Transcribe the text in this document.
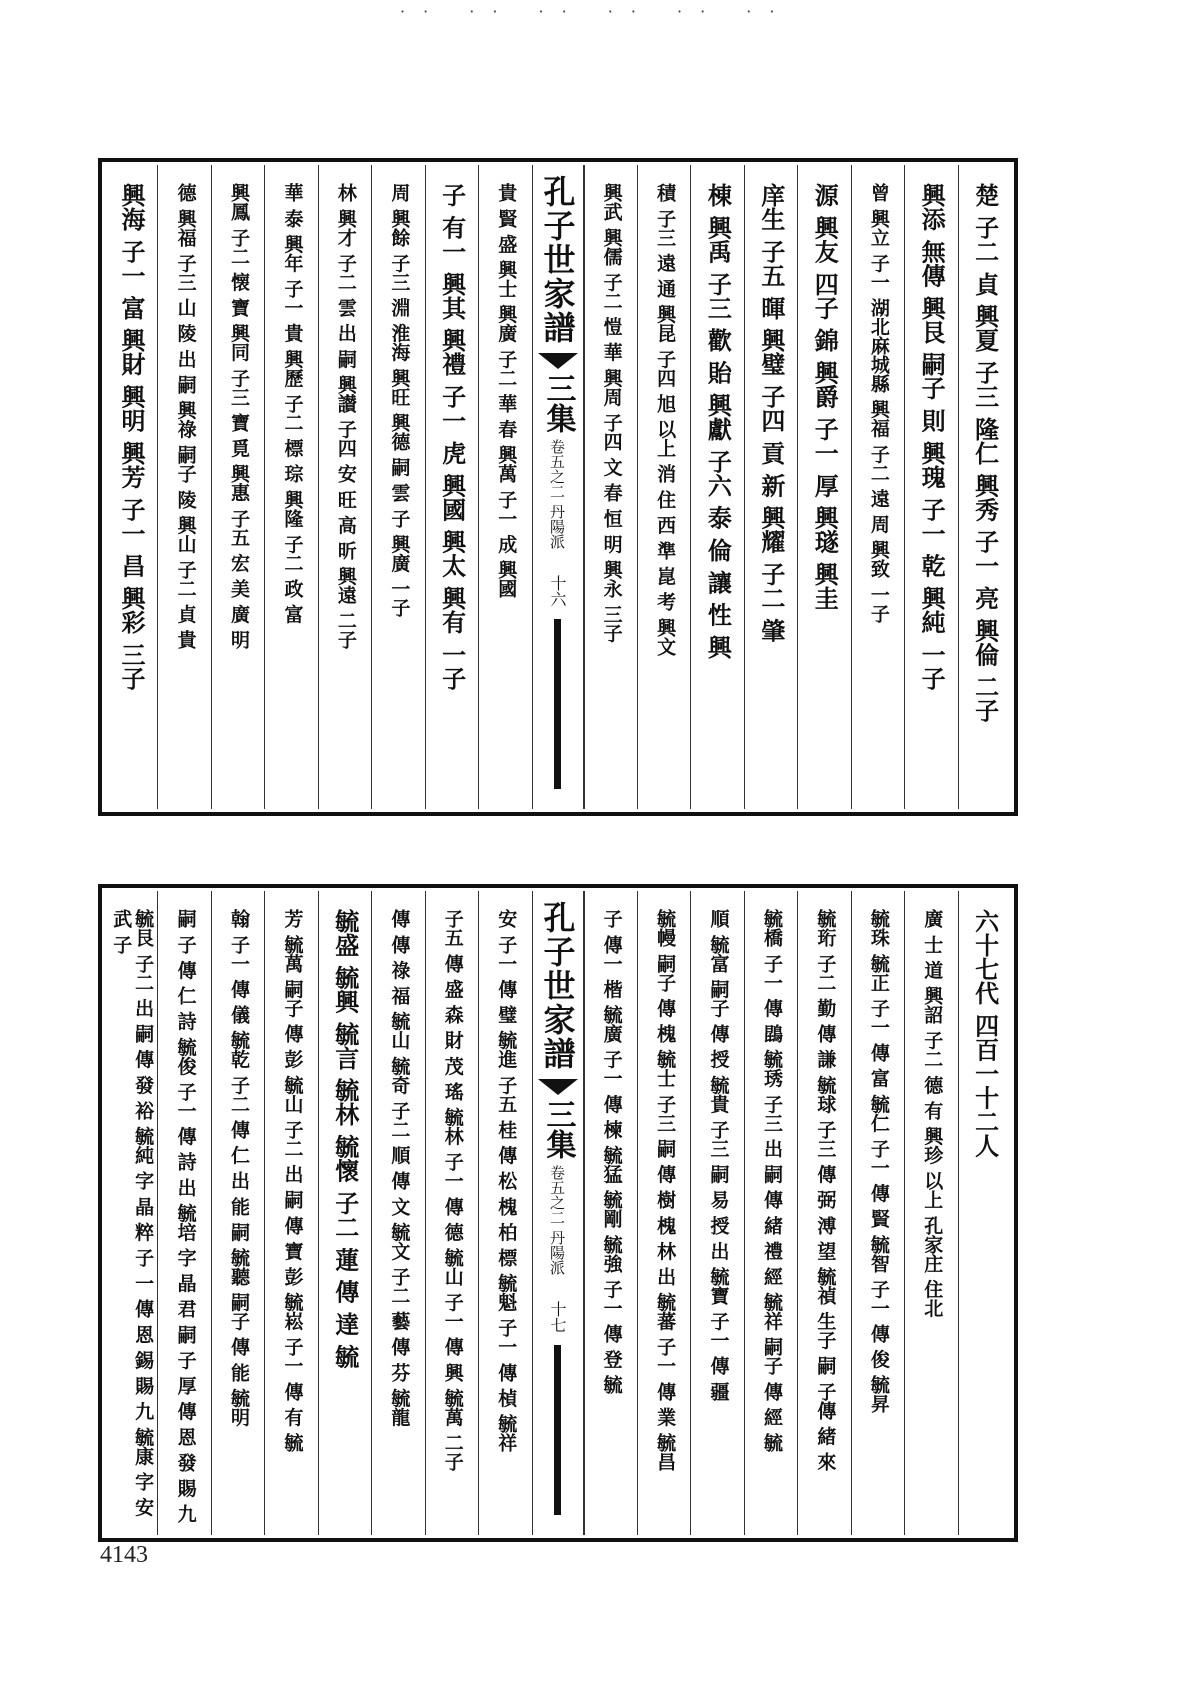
·· ·· ·· ·· ·· ··
楚 子二 貞 興夏 子三 隆仁 興秀 子一 亮 興倫 二子
興添 無傳 興艮 嗣子 則 興瑰 子一 乾 興純 一子
曾 興立 子一 湖北麻城縣 興福 子二 遠 周 興致 一子
源 興友 四子 錦 興爵 子一 厚 興璲 興圭
庠生 子五 暉 興璧 子四 貢 新 興耀 子二 肇
棟 興禹 子三 歡 貽 興獻 子六 泰 倫 讓 性 興
積 子三 遠 通 興昆 子四 旭 以上 消 住 西 準 崑 考 興文
興武 興儒 子二 愷 華 興周 子四 文 春 恒 明 興永 三子
孔子世家譜
三集
卷五之二 丹陽派
十六
貴 賢 盛 興士 興廣 子二 華 春 興萬 子一 成 興國
子 有一 興其 興禮 子一 虎 興國 興太 興有 一子
周 興餘 子三 淵 淮海 興旺 興德 嗣 雲 子 興廣 一子
林 興才 子二 雲 出 嗣 興讃 子四 安 旺 高 昕 興遠 二子
華 泰 興年 子一 貴 興歷 子二 標 琮 興隆 子二 政 富
興鳳 子二 懐 寶 興同 子三 寶 覓 興惠 子五 宏 美 廣 明
德 興福 子三 山 陵 出 嗣 興祿 嗣子 陵 興山 子二 貞 貴
興海 子一 富 興財 興明 興芳 子一 昌 興彩 三子
六十七代 四百一十二人
廣 士 道 興詔 子二 德 有 興珍 以上 孔家庄 住北
毓珠 毓正 子一 傳 富 毓仁 子一 傳 賢 毓智 子一 傳 俊 毓昇
毓珩 子二 勤 傳 謙 毓球 子三 傳 弼 溥 望 毓禎 生子 嗣 子傳 緒 來
毓橋 子一 傳 鵾 毓琇 子三 出 嗣 傳 緒 禮 經 毓祥 嗣子 傳 經 毓
順 毓富 嗣子 傳 授 毓貴 子三 嗣 易 授 出 毓寶 子一 傳 疆
毓幔 嗣子 傳 槐 毓士 子三 嗣 傳 樹 槐 林 出 毓蕃 子一 傳 業 毓昌
子 傳一 楷 毓廣 子一 傳 楝 毓猛 毓剛 毓強 子一 傳 登 毓
孔子世家譜
三集
卷五之二 丹陽派
十七
安 子一 傳 璧 毓進 子五 桂 傳 松 槐 柏 標 毓魁 子一 傳 楨 毓祥
子五 傳 盛 森 財 茂 瑤 毓林 子一 傳 德 毓山 子一 傳 興 毓萬 二子
傳 傳 祿 福 毓山 毓奇 子二 順 傳 文 毓文 子二 藝 傳 芬 毓龍
毓盛 毓興 毓言 毓林 毓懷 子二 蓮 傳 達 毓
芳 毓萬 嗣子 傳 彭 毓山 子二 出 嗣 傳 寶 彭 毓崧 子一 傳 有 毓
翰 子一 傳 儀 毓乾 子二 傳 仁 出 能 嗣 毓聽 嗣子 傳 能 毓明
嗣 子 傳 仁 詩 毓俊 子一 傳 詩 出 毓培 字 晶 君 嗣 子 厚 傳 恩 發 賜 九
毓艮 子二 出 嗣 傳 發 裕 毓純 字 晶 粹 子 一 傳 恩 錫 賜 九 毓康 字 安 武 子
4143
